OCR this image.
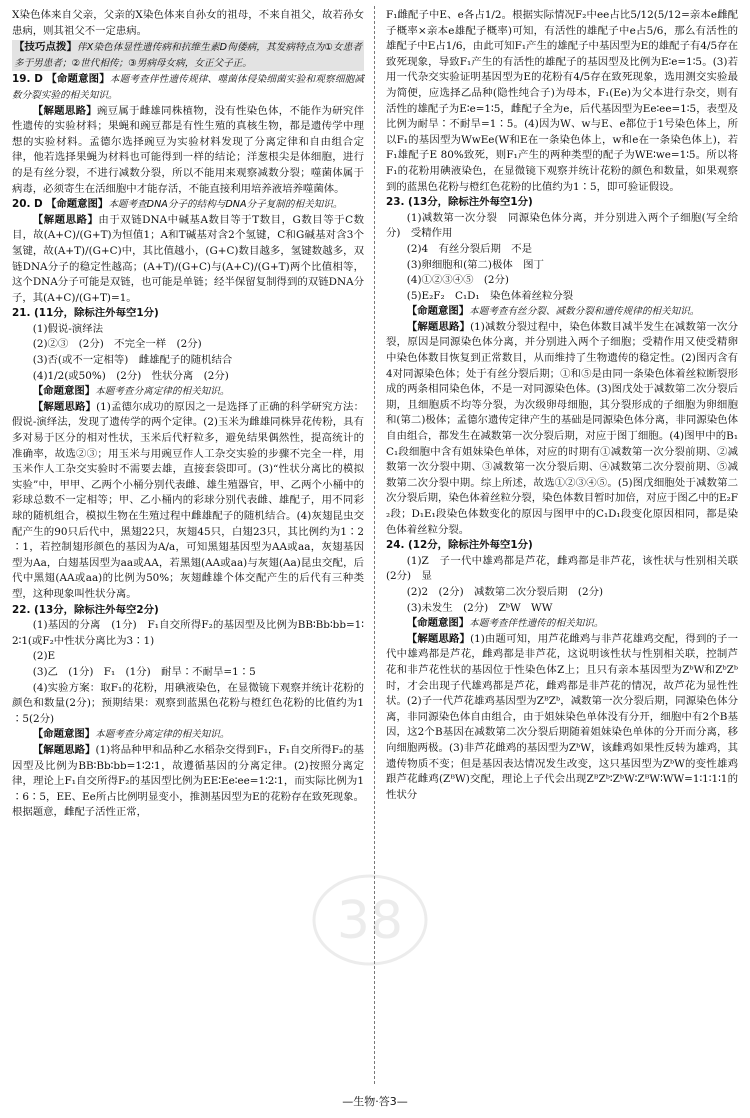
X染色体来自父亲，父亲的X染色体来自孙女的祖母，不来自祖父，故若孙女患病，则其祖父不一定患病。

【技巧点拨】伴X染色体显性遗传病和抗维生素D佝偻病，其发病特点为①女患者多于男患者；②世代相传；③男病母女病，女正父子正。

19. D 【命题意图】本题考查伴性遗传规律、噬菌体侵染细菌实验和观察细胞减数分裂实验的相关知识。

【解题思路】豌豆属于雌雄同株植物，没有性染色体，不能作为研究伴性遗传的实验材料；果蝇和豌豆都是有性生殖的真核生物，都是遗传学中理想的实验材料。孟德尔选择豌豆为实验材料发现了分离定律和自由组合定律，他若选择果蝇为材料也可能得到一样的结论；洋葱根尖是体细胞，进行的是有丝分裂，不进行减数分裂，所以不能用来观察减数分裂；噬菌体属于病毒，必须寄生在活细胞中才能存活，不能直接利用培养液培养噬菌体。

20. D 【命题意图】本题考查DNA分子的结构与DNA分子复制的相关知识。

【解题思路】由于双链DNA中碱基A数目等于T数目，G数目等于C数目，故(A+C)/(G+T)为恒值1；A和T碱基对含2个氢键，C和G碱基对含3个氢键，故(A+T)/(G+C)中，其比值越小，(G+C)数目越多，氢键数越多，双链DNA分子的稳定性越高；(A+T)/(G+C)与(A+C)/(G+T)两个比值相等，这个DNA分子可能是双链，也可能是单链；经半保留复制得到的双链DNA分子，其(A+C)/(G+T)=1。

21. (11分，除标注外每空1分)

(1)假说-演绎法

(2)②③　(2分)　不完全一样　(2分)

(3)否(或不一定相等)　雌雄配子的随机结合

(4)1/2(或50%)　(2分)　性状分离　(2分)

【命题意图】本题考查分离定律的相关知识。

【解题思路】(1)孟德尔成功的原因之一是选择了正确的科学研究方法：假说-演绎法，发现了遗传学的两个定律。(2)玉米为雌雄同株异花传粉，具有多对易于区分的相对性状，玉米后代籽粒多，避免结果偶然性，提高统计的准确率，故选②③；用玉米与用豌豆作人工杂交实验的步骤不完全一样，用玉米作人工杂交实验时不需要去雄，直接套袋即可。(3)“性状分离比的模拟实验”中，甲甲、乙两个小桶分别代表雌、雄生殖器官，甲、乙两个小桶中的彩球总数不一定相等；甲、乙小桶内的彩球分别代表雌、雄配子，用不同彩球的随机组合，模拟生物在生殖过程中雌雄配子的随机结合。(4)灰翅昆虫交配产生的90只后代中，黑翅22只，灰翅45只，白翅23只，其比例约为1∶2∶1，若控制翅形颜色的基因为A/a，可知黑翅基因型为AA或aa，灰翅基因型为Aa，白翅基因型为aa或AA，若黑翅(AA或aa)与灰翅(Aa)昆虫交配，后代中黑翅(AA或aa)的比例为50%；灰翅雌雄个体交配产生的后代有三种类型，这种现象叫性状分离。

22. (13分，除标注外每空2分)

(1)基因的分离　(1分)　F₁自交所得F₂的基因型及比例为BB∶Bb∶bb=1∶2∶1(或F₂中性状分离比为3∶1)

(2)E

(3)乙　(1分)　F₁　(1分)　耐旱∶不耐旱=1∶5

(4)实验方案：取F₁的花粉，用碘液染色，在显微镜下观察并统计花粉的颜色和数量(2分)；预期结果：观察到蓝黑色花粉与橙红色花粉的比值约为1∶5(2分)

【命题意图】本题考查分离定律的相关知识。

【解题思路】(1)将品种甲和品种乙水稻杂交得到F₁，F₁自交所得F₂的基因型及比例为BB∶Bb∶bb=1∶2∶1，故遵循基因的分离定律。(2)按照分离定律，理论上F₁自交所得F₂的基因型比例为EE∶Ee∶ee=1∶2∶1，而实际比例为1∶6∶5，EE、Ee所占比例明显变小，推测基因型为E的花粉存在致死现象。根据题意，雌配子活性正常，

F₁雌配子中E、e各占1/2。根据实际情况F₂中ee占比5/12(5/12=亲本e雌配子概率×亲本e雄配子概率)可知，有活性的雄配子中e占5/6，那么有活性的雄配子中E占1/6，由此可知F₁产生的雄配子中基因型为E的雄配子有4/5存在致死现象，导致F₁产生的有活性的雄配子的基因型及比例为E∶e=1∶5。(3)若用一代杂交实验证明基因型为E的花粉有4/5存在致死现象，选用测交实验最为简便，应选择乙品种(隐性纯合子)为母本，F₁(Ee)为父本进行杂交，则有活性的雄配子为E∶e=1∶5，雌配子全为e，后代基因型为Ee∶ee=1∶5，表型及比例为耐旱∶不耐旱=1∶5。(4)因为W、w与E、e都位于1号染色体上，所以F₁的基因型为WwEe(W和E在一条染色体上，w和e在一条染色体上)，若F₁雄配子E 80%致死，则F₁产生的两种类型的配子为WE∶we=1∶5。所以将F₁的花粉用碘液染色，在显微镜下观察并统计花粉的颜色和数量，如果观察到的蓝黑色花粉与橙红色花粉的比值约为1∶5，即可验证假设。

23. (13分，除标注外每空1分)

(1)减数第一次分裂　同源染色体分离，并分别进入两个子细胞(写全给分)　受精作用

(2)4　有丝分裂后期　不是

(3)卵细胞和(第二)极体　图丁

(4)①②③④⑤　(2分)

(5)E₂F₂　C₁D₁　染色体着丝粒分裂

【命题意图】本题考查有丝分裂、减数分裂和遗传规律的相关知识。

【解题思路】(1)减数分裂过程中，染色体数目减半发生在减数第一次分裂，原因是同源染色体分离，并分别进入两个子细胞；受精作用又使受精卵中染色体数目恢复到正常数目，从而维持了生物遗传的稳定性。(2)图丙含有4对同源染色体；处于有丝分裂后期；①和⑤是由同一条染色体着丝粒断裂形成的两条相同染色体，不是一对同源染色体。(3)图戊处于减数第二次分裂后期，且细胞质不均等分裂，为次级卵母细胞，其分裂形成的子细胞为卵细胞和(第二)极体；孟德尔遗传定律产生的基础是同源染色体分离，非同源染色体自由组合，都发生在减数第一次分裂后期，对应于图丁细胞。(4)图甲中的B₁C₁段细胞中含有姐妹染色单体，对应的时期有①减数第一次分裂前期、②减数第一次分裂中期、③减数第一次分裂后期、④减数第二次分裂前期、⑤减数第二次分裂中期。综上所述，故选①②③④⑤。(5)图戊细胞处于减数第二次分裂后期，染色体着丝粒分裂，染色体数目暂时加倍，对应于图乙中的E₂F₂段；D₁E₁段染色体数变化的原因与图甲中的C₁D₁段变化原因相同，都是染色体着丝粒分裂。

24. (12分，除标注外每空1分)

(1)Z　子一代中雄鸡都是芦花，雌鸡都是非芦花，该性状与性别相关联　(2分)　显

(2)2　(2分)　减数第二次分裂后期　(2分)

(3)未发生　(2分)　ZᵇW　WW

【命题意图】本题考查伴性遗传的相关知识。

【解题思路】(1)由题可知，用芦花雌鸡与非芦花雄鸡交配，得到的子一代中雄鸡都是芦花，雌鸡都是非芦花，这说明该性状与性别相关联，控制芦花和非芦花性状的基因位于性染色体Z上；且只有亲本基因型为ZᵇW和ZᵇZᵇ时，才会出现子代雄鸡都是芦花，雌鸡都是非芦花的情况，故芦花为显性性状。(2)子一代芦花雄鸡基因型为ZᴮZᵇ，减数第一次分裂后期，同源染色体分离，非同源染色体自由组合，由于姐妹染色单体没有分开，细胞中有2个B基因，这2个B基因在减数第二次分裂后期随着姐妹染色单体的分开而分离，移向细胞两极。(3)非芦花雌鸡的基因型为ZᵇW，该雌鸡如果性反转为雄鸡，其遗传物质不变；但是基因表达情况发生改变，这只基因型为ZᵇW的变性雄鸡跟芦花雌鸡(ZᴮW)交配，理论上子代会出现ZᴮZᵇ∶ZᵇW∶ZᴮW∶WW=1∶1∶1∶1的性状分

38
—生物·答3—
